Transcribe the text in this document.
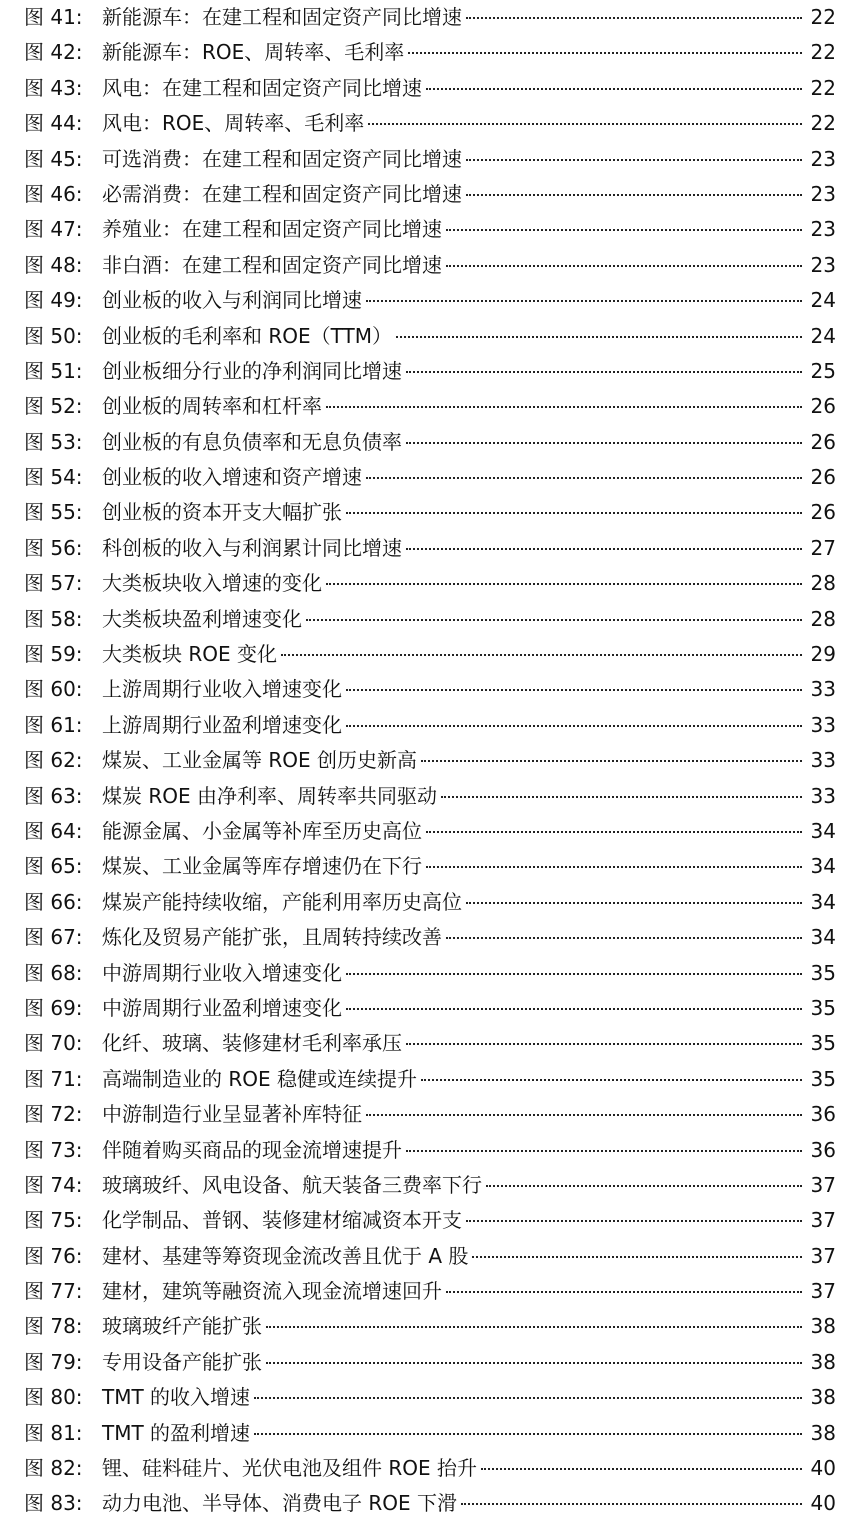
图 41: 新能源车：在建工程和固定资产同比增速	22
图 42: 新能源车：ROE、周转率、毛利率	22
图 43: 风电：在建工程和固定资产同比增速	22
图 44: 风电：ROE、周转率、毛利率	22
图 45: 可选消费：在建工程和固定资产同比增速	23
图 46: 必需消费：在建工程和固定资产同比增速	23
图 47: 养殖业：在建工程和固定资产同比增速	23
图 48: 非白酒：在建工程和固定资产同比增速	23
图 49: 创业板的收入与利润同比增速	24
图 50: 创业板的毛利率和 ROE（TTM）	24
图 51: 创业板细分行业的净利润同比增速	25
图 52: 创业板的周转率和杠杆率	26
图 53: 创业板的有息负债率和无息负债率	26
图 54: 创业板的收入增速和资产增速	26
图 55: 创业板的资本开支大幅扩张	26
图 56: 科创板的收入与利润累计同比增速	27
图 57: 大类板块收入增速的变化	28
图 58: 大类板块盈利增速变化	28
图 59: 大类板块 ROE 变化	29
图 60: 上游周期行业收入增速变化	33
图 61: 上游周期行业盈利增速变化	33
图 62: 煤炭、工业金属等 ROE 创历史新高	33
图 63: 煤炭 ROE 由净利率、周转率共同驱动	33
图 64: 能源金属、小金属等补库至历史高位	34
图 65: 煤炭、工业金属等库存增速仍在下行	34
图 66: 煤炭产能持续收缩，产能利用率历史高位	34
图 67: 炼化及贸易产能扩张，且周转持续改善	34
图 68: 中游周期行业收入增速变化	35
图 69: 中游周期行业盈利增速变化	35
图 70: 化纤、玻璃、装修建材毛利率承压	35
图 71: 高端制造业的 ROE 稳健或连续提升	35
图 72: 中游制造行业呈显著补库特征	36
图 73: 伴随着购买商品的现金流增速提升	36
图 74: 玻璃玻纤、风电设备、航天装备三费率下行	37
图 75: 化学制品、普钢、装修建材缩减资本开支	37
图 76: 建材、基建等筹资现金流改善且优于 A 股	37
图 77: 建材，建筑等融资流入现金流增速回升	37
图 78: 玻璃玻纤产能扩张	38
图 79: 专用设备产能扩张	38
图 80: TMT 的收入增速	38
图 81: TMT 的盈利增速	38
图 82: 锂、硅料硅片、光伏电池及组件 ROE 抬升	40
图 83: 动力电池、半导体、消费电子 ROE 下滑	40
